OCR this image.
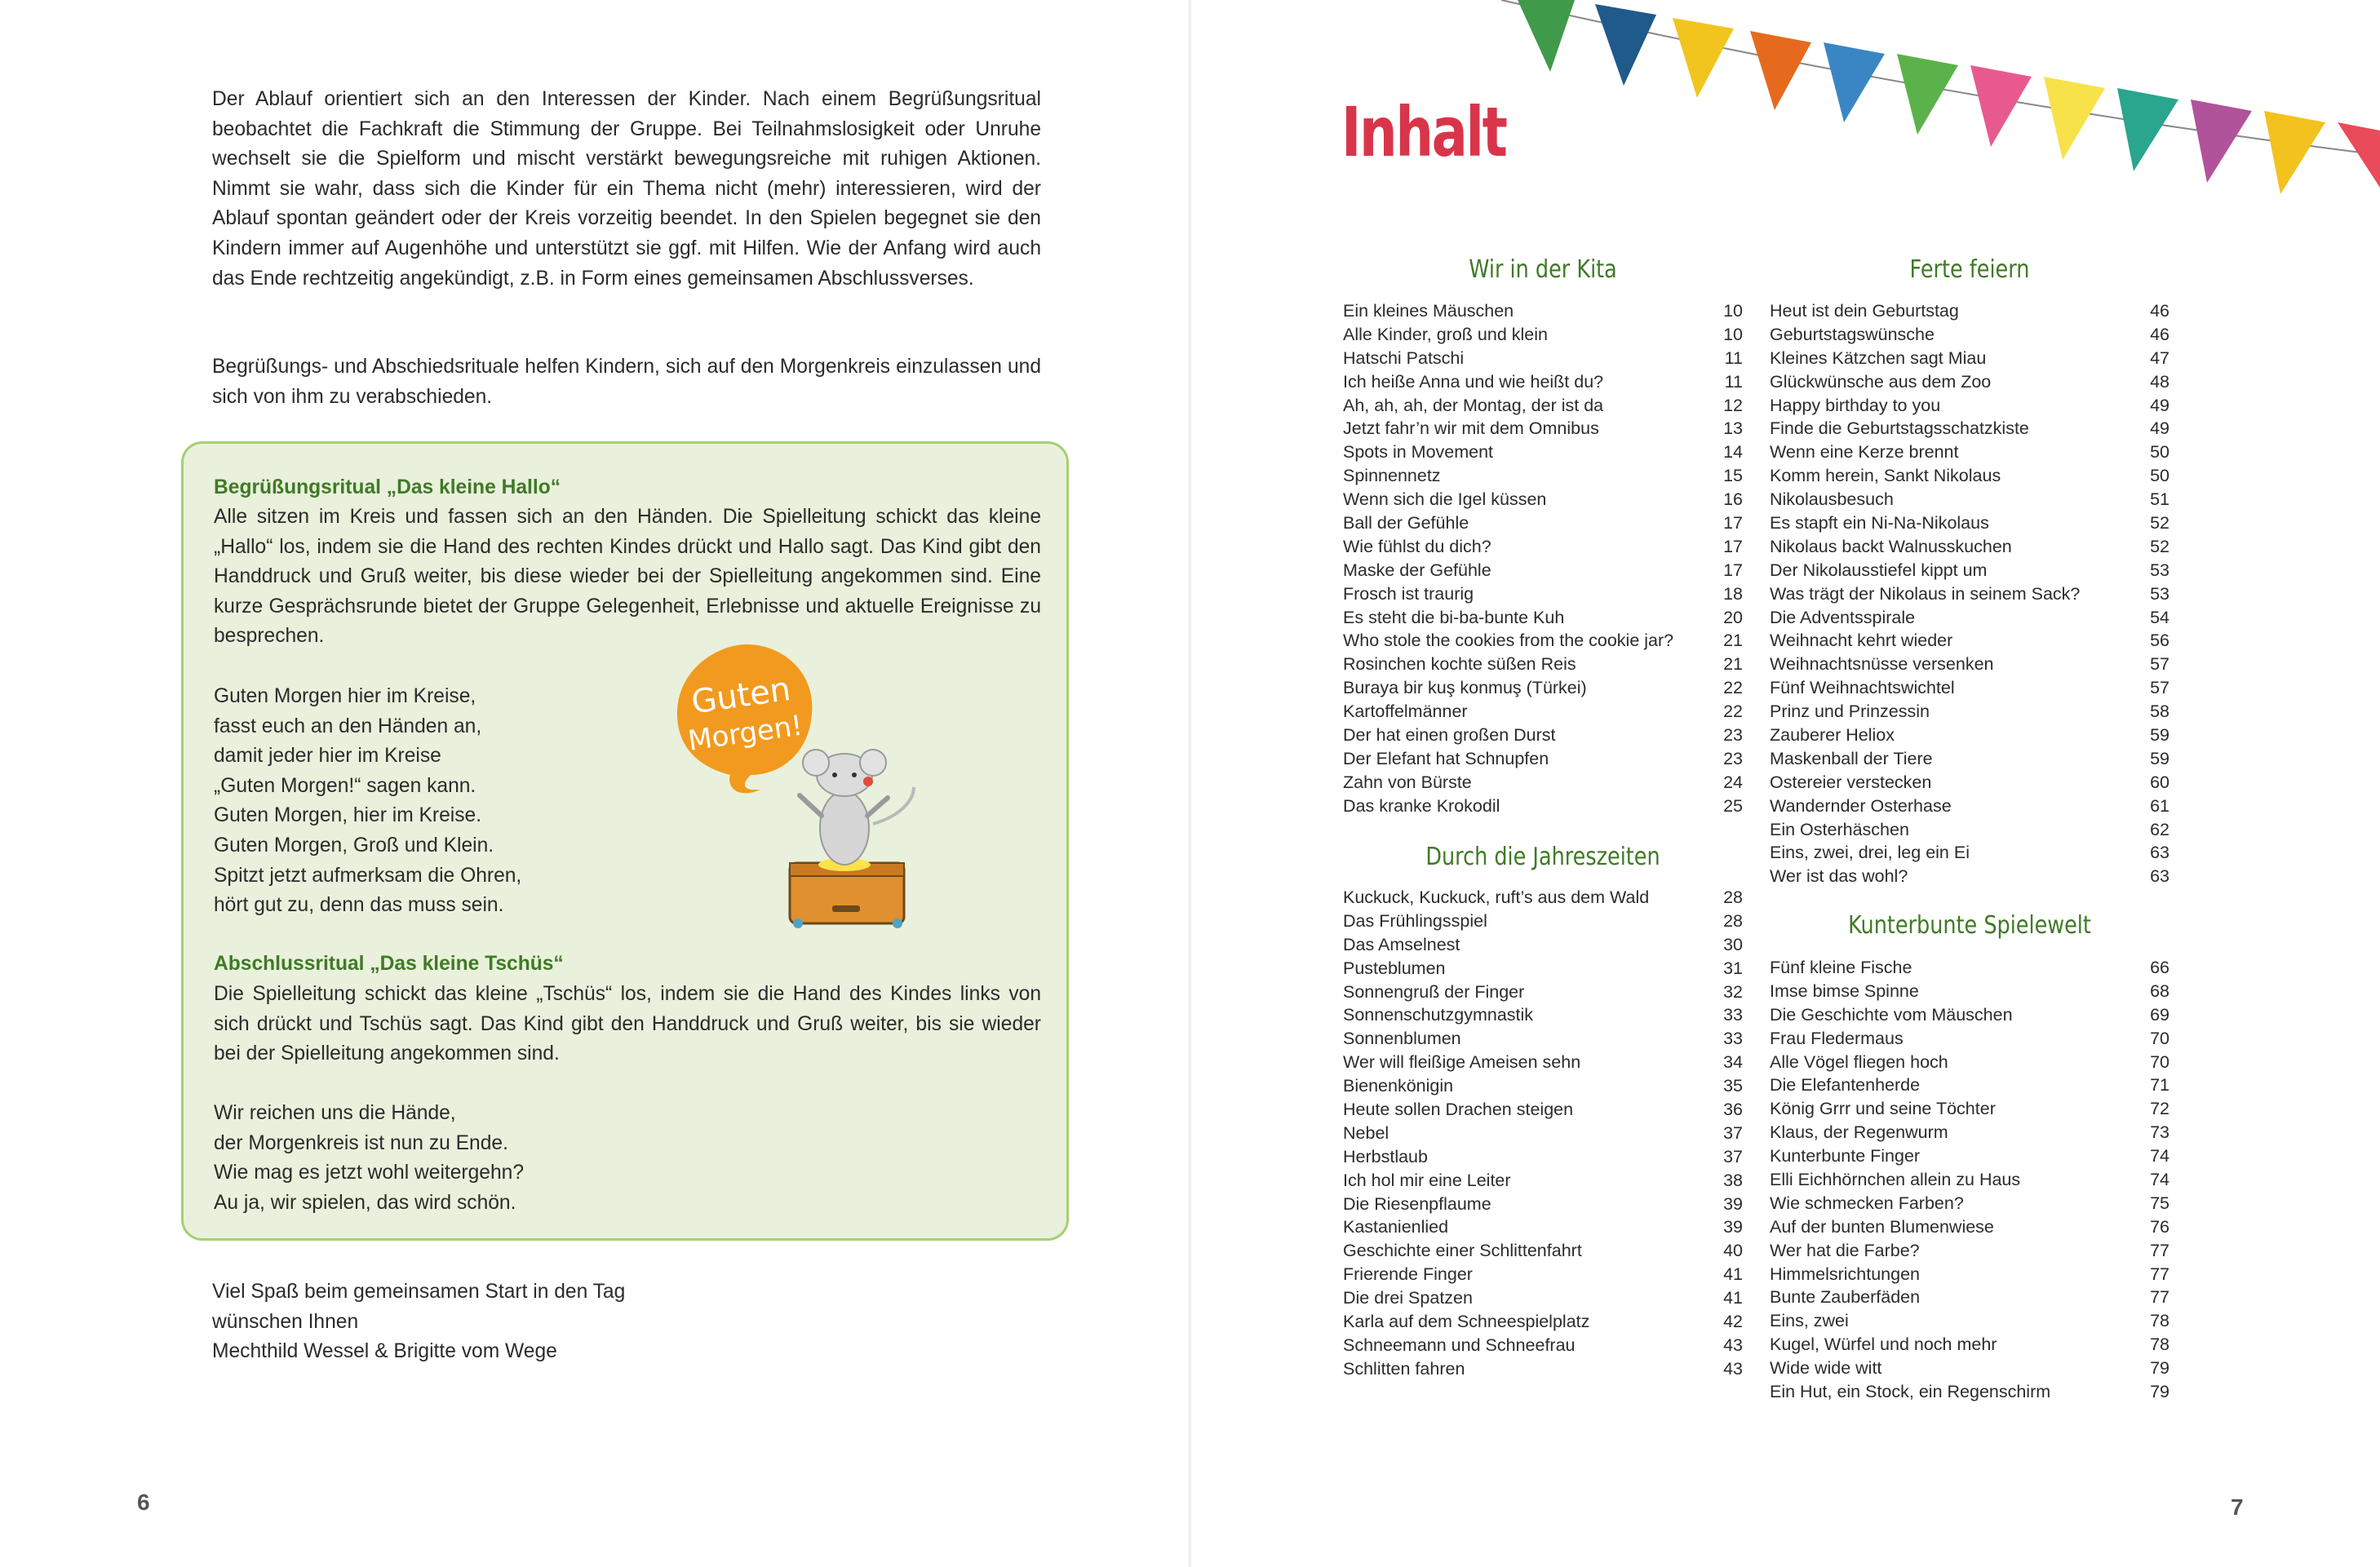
Der Ablauf orientiert sich an den Interessen der Kinder. Nach einem Begrüßungsritual beobachtet die Fachkraft die Stimmung der Gruppe. Bei Teilnahmslosigkeit oder Unruhe wechselt sie die Spielform und mischt verstärkt bewegungsreiche mit ruhigen Aktionen. Nimmt sie wahr, dass sich die Kinder für ein Thema nicht (mehr) interessieren, wird der Ablauf spontan geändert oder der Kreis vorzeitig beendet. In den Spielen begegnet sie den Kindern immer auf Augenhöhe und unterstützt sie ggf. mit Hilfen. Wie der Anfang wird auch das Ende rechtzeitig angekündigt, z.B. in Form eines gemeinsamen Abschlussverses.

Begrüßungs- und Abschiedsrituale helfen Kindern, sich auf den Morgenkreis einzulassen und sich von ihm zu verabschieden.

Begrüßungsritual „Das kleine Hallo“

Alle sitzen im Kreis und fassen sich an den Händen. Die Spielleitung schickt das kleine „Hallo“ los, indem sie die Hand des rechten Kindes drückt und Hallo sagt. Das Kind gibt den Handdruck und Gruß weiter, bis diese wieder bei der Spielleitung angekommen sind. Eine kurze Gesprächsrunde bietet der Gruppe Gelegenheit, Erlebnisse und aktuelle Ereignisse zu besprechen.

Guten Morgen hier im Kreise,
fasst euch an den Händen an,
damit jeder hier im Kreise
„Guten Morgen!“ sagen kann.
Guten Morgen, hier im Kreise.
Guten Morgen, Groß und Klein.
Spitzt jetzt aufmerksam die Ohren,
hört gut zu, denn das muss sein.

Abschlussritual „Das kleine Tschüs“

Die Spielleitung schickt das kleine „Tschüs“ los, indem sie die Hand des Kindes links von sich drückt und Tschüs sagt. Das Kind gibt den Handdruck und Gruß weiter, bis sie wieder bei der Spielleitung angekommen sind.

Wir reichen uns die Hände,
der Morgenkreis ist nun zu Ende.
Wie mag es jetzt wohl weitergehn?
Au ja, wir spielen, das wird schön.

Guten
Morgen!

Viel Spaß beim gemeinsamen Start in den Tag
wünschen Ihnen
Mechthild Wessel & Brigitte vom Wege

6
Inhalt
Wir in der Kita
Ein kleines Mäuschen	10
Alle Kinder, groß und klein	10
Hatschi Patschi	11
Ich heiße Anna und wie heißt du?	11
Ah, ah, ah, der Montag, der ist da	12
Jetzt fahr’n wir mit dem Omnibus	13
Spots in Movement	14
Spinnennetz	15
Wenn sich die Igel küssen	16
Ball der Gefühle	17
Wie fühlst du dich?	17
Maske der Gefühle	17
Frosch ist traurig	18
Es steht die bi-ba-bunte Kuh	20
Who stole the cookies from the cookie jar?	21
Rosinchen kochte süßen Reis	21
Buraya bir kuş konmuş (Türkei)	22
Kartoffelmänner	22
Der hat einen großen Durst	23
Der Elefant hat Schnupfen	23
Zahn von Bürste	24
Das kranke Krokodil	25
Durch die Jahreszeiten
Kuckuck, Kuckuck, ruft’s aus dem Wald	28
Das Frühlingsspiel	28
Das Amselnest	30
Pusteblumen	31
Sonnengruß der Finger	32
Sonnenschutzgymnastik	33
Sonnenblumen	33
Wer will fleißige Ameisen sehn	34
Bienenkönigin	35
Heute sollen Drachen steigen	36
Nebel	37
Herbstlaub	37
Ich hol mir eine Leiter	38
Die Riesenpflaume	39
Kastanienlied	39
Geschichte einer Schlittenfahrt	40
Frierende Finger	41
Die drei Spatzen	41
Karla auf dem Schneespielplatz	42
Schneemann und Schneefrau	43
Schlitten fahren	43
Ferte feiern
Heut ist dein Geburtstag	46
Geburtstagswünsche	46
Kleines Kätzchen sagt Miau	47
Glückwünsche aus dem Zoo	48
Happy birthday to you	49
Finde die Geburtstagsschatzkiste	49
Wenn eine Kerze brennt	50
Komm herein, Sankt Nikolaus	50
Nikolausbesuch	51
Es stapft ein Ni-Na-Nikolaus	52
Nikolaus backt Walnusskuchen	52
Der Nikolausstiefel kippt um	53
Was trägt der Nikolaus in seinem Sack?	53
Die Adventsspirale	54
Weihnacht kehrt wieder	56
Weihnachtsnüsse versenken	57
Fünf Weihnachtswichtel	57
Prinz und Prinzessin	58
Zauberer Heliox	59
Maskenball der Tiere	59
Ostereier verstecken	60
Wandernder Osterhase	61
Ein Osterhäschen	62
Eins, zwei, drei, leg ein Ei	63
Wer ist das wohl?	63
Kunterbunte Spielewelt
Fünf kleine Fische	66
Imse bimse Spinne	68
Die Geschichte vom Mäuschen	69
Frau Fledermaus	70
Alle Vögel fliegen hoch	70
Die Elefantenherde	71
König Grrr und seine Töchter	72
Klaus, der Regenwurm	73
Kunterbunte Finger	74
Elli Eichhörnchen allein zu Haus	74
Wie schmecken Farben?	75
Auf der bunten Blumenwiese	76
Wer hat die Farbe?	77
Himmelsrichtungen	77
Bunte Zauberfäden	77
Eins, zwei	78
Kugel, Würfel und noch mehr	78
Wide wide witt	79
Ein Hut, ein Stock, ein Regenschirm	79
7
